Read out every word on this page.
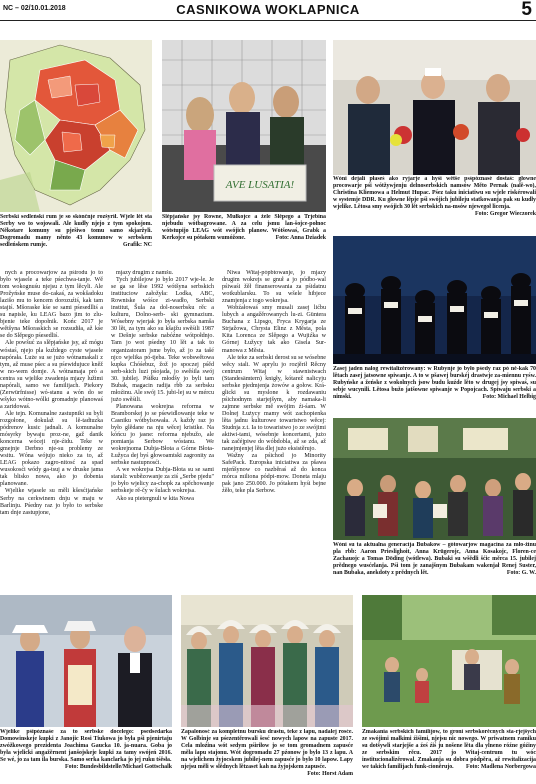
NC – 02/10.01.2018	CASNIKOWA WOKLAPNICA	5
Serbski sedleński rum je so skónčnje rozšyrił. Wjele lět sta Serby wo to wojowali. Ale kudły njejo z tym spokojom. Někotare komuny su pješiwo tomu samo skjaržyli. Dogromadu mamy něnto 43 komunow w serbskem sedleńskem rumje.	Grafik: NC
AVE LUSATIA!
Slěpjańske jsy Rowne, Mułkojce a žeĺe Slěpego a Trjebina njebudu wótbagrowane. A za celu jsmu lan-šojce-połnoc wótstupijo LEAG wót swójich planow. Wótšowaś, Grabk a Kerkojce su pótakem wumóžone.	Foto: Anna Dziadek
Wóni dejali płaseś ako ryjarje a hyśi wětše psśpóznasé dostaś: głowne procowarje pśi wótžywjenju delnoserbskich namsów Mětо Pernak (nalě-wo), Christina Kliemowa a Helmut Hupac. Pśez taku iniciatiwu su wjele riskérowali w systemje DDR. Ku głowne lěpje pśi swójich jubileju statkowanja pak su kudły wjelike. Lětosa smy swójich 30 lět serbskich na-msów njewegoł licenja.
Foto: Gregor Wieczorek
Zasej jaden nalog rewitalizěrowany: w Rubynje jo było pśedy raz pó ně-kak 70 lětach zasej jatsowne spiwanje. A to w pšawej burskéj drastwje za-miennu ryśw. Rubyńske a žeńske z wokolnych jsow budu kuźde lěto w drugej jsy spiwaś, su sebje wucynili. Lětosa bužo jatšowne spiwanje w Popojcach. Spiwaju serbski a nimski.	Foto: Michael Helbig
Wóni su ta aktualna generacija Bubakow – gótowarjow magacina za mło-žinu pla rbb: Aaron Prieslighoit, Anna Krügerojc, Anna Kosakojc, Floren-cе Zachauojc a Tomas Döding (wótlewa). Bubaki su wšědli šćic měrca 15. jubilej prědnego wusćelanja. Pśi tom je zanajšnym Bubakam wakenjał Renej Suster, nan Bubaka, anekdoty z prědnych lět.	Foto: G. W.

nych a procowarjow za pśirodu jo to było wjasele a teke pśechwa-tanje. Wě tom wokognuśu njejsu z tym lěcyli. Ale Prožyńske muse do-cakaś, za wokšadoku lazišo mu to kencem dorozuźiś, kak tam stajiś. Mšoraske kśe se sami pśesedlliś a su napisle, ku LEAG bazo jim to zlu-bjenie teke dopołnik. Końc 2017 je wětšyna Mšoraskich se rozsudiła, až kśe se do Slěpego pśesedliś.

Ale powšuć za slěpjańske jsy, až mógu wóstaś, njejo pla kuždego cyste wjasele napórała. Luże su se jużo wótnamakali z tym, až muse pśec a su pśewidujuce kněž w no-wem domje. A wótnamaja pró a centra su wjelike zwadenja mjazy lužimi napórali, samo we familijach. Piekory (Zerwürfnisse) wó-stanu a wón do se wšyko wótno-wólki gromadnje planowaś a zaridowaś.

Ale tejn. Komunalne zastupniki su byli rozgołone, dokulaž su lě-tadtuzka pódrenov kusic jadnali. A komunalne mósyrky bywaju proz-ne, gaž danik koncerna wóceji nje-źidu. Teke w gmejnje Derbno nje-su problemy ze wsitu. Wóna wójujo nieko za to, až LEAG pokazo zagro-nitosć za spad wusokosći wódy ga-tsuj a w druske jama tak blisko nowa, ako jo dobenia planowane.

Wjelike wjasele su měli kšesćijańske Serby na cerkwinem dnju w maju w Barlinju. Pśedny raz jo było to serbske tam dnje zastupjone,

mjazy drugim z namšu.

Tych jubilejow jo bylo 2017 wje-le. Je se ga se lěse 1992 wótšyna serbskich instituciow załožyła: Lodka, ABC, Rowniske wóśce zi-wadło, Serbski institut, Šula za dol-noserbsku rěc a kulturu, Dolno-serb- ski gymnazium. Wósebny wjerjak jo była serbska namša 30 lět, za tym ako su kšajžu swěśili 1987 w Dešnje serbske nabóźne wótpołdnjo. Tam jo wot pśedny 10 lět a tak to organizatoram jsme było, až jo za tašé njco wjelika pó-tjeba. Teke wobswětowa kupka Chóśebuz, žož jo spoczej pśěd serb-skich luzi pśojada, jo swěśila swój 30. jubilej. Pśtłku młodšy jo byli tam Bubak, magacin radija rbb za serbsku młoźinu. Ale swój 15. jubi-lej su w mércu jużo swěśili.

Planowana wokrejna reforma w Bramborskej jo se pśewidlowanje teke w Casniku wótbylsowała. A každy raz jo było glědane na nju wěcej kristike. Na kóńcu jo jasne: reforma njebužo, ale pomianja Serbow wóstanu. We wokrejnoma Dubja-Błota a Górne Błota-Łužyca dej byś głowoamtski zagronity za serbske nastupnosći.

A we wokrejsa Dubja-Błota su se sami starali: wubězowanje za ziś „Serbe pjedu" jo było wjelicy za-chopk za spěchowanje serbskeje rě-čy w šulach wokrejsa.

Ako su pietergnuli w kita Nowa

Niwa Witaj-pópbtowanje, jo mjazy drugim wokrejs se gnuł a jo pódbo-wal pśiwaśi žěł finanserowania za pśidatnu wotkublarsku. To su wšele hibjece znamjenja z togo wokrejsa.

Wobźałowaś smy musali zasej lićbu lubych a angažěrowanych lu-zi. Günterа Buchana z Lipsgo, Fryca Krygarja ze Strjažowa, Chrysta Elinz z Města, pola Kita Lorenca ze Slěpego a Wujiźka w Górnej Łužycy tak ako Gisela Sur-manowa z Města.

Ale teke za serbski derost su se wósebne wěcy stali. W aprylu jo rozjěrił Rěcny centrum Witaj w stawnistwach (Standesämtern) knigły, kótarež nalicyju serbske pjedmjenja żowów a gołow. Krá-glicki su myslone k rozdawaniu pśichodnym starjejšym, aby namaka-li zajmne serbske mě swójim źi-śam. W Dolnej Łużycy mamy wót zachopienka lěta jadnu kulturowe towaristwo wěcej: Studnja z.t. Ia to towaristwo jo ze swójimi aktiwi-tami, wósebnje koncertami, jużo tak začéjpiwe do wóbdobla, až se zda, až nanejmjenjej lěta dlej jużo eksistěrujo.

Wažny za pśichod jo Minority SafePack. Europska iniciatiwa za pšawa mjeńšynow co nazběraś až do konca mórca miliona pódpi-mow. Doneta mlaju pak jano 250.000. Jo pótakem hyśi bejne źěło, teke pla Serbow.

Wjelike pśipóznaśe za to serbske docelego: psedsedarka Domowinskeje kupki z Janojic Rosi Tiukowa jo była pśi pjenirtaju zwóžkowego prezidenta Joachima Gauckа 10. ja-nuara. Goba jo była wjelicki angažěrnent janšojskeje kupki za tamy swójeń 2016. Se wé, jo za tam ila burska. Samo serka kanclarka jo jej ruku tśěsła.
Foto: Bundesbildstelle/Michael Gottschalk
Zapalonosć za kompletnu bursku drastu, teke z lapu, nadalej rosće. W Golbinje su pśezentěrowali šesć nowych lapow na zapuste 2017. Cela mloźina wót sedym pśiriłow jo se tom gromadnem zapusće měla lapu stajonu. Wót dogromadu 27 pźonow jo bylo 13 z lapu. A na wjelichem žyjocskem jubilej-nem zapusće jo bylo 10 lapow. Lapy njejsu měli w slědnych lětzaset kah na žyjojskem zapusće.
Foto: Horst Adam
Zmakania serbskich familijow, to groni serbskorěcnych sta-rjejšych ze swójimi małkimi źiśimi, njejsu nic nowego. W priwatnem ramiku su dotšywli starjejše a źeś źiś ju nošene lěta dla ylneno róźne góźiny ze serbskim rěcu. 2017 jo Witaj-centrum tu wóc institucionalizěrowal. Zmakanja su dobra pódpěra, až rewitalizacija we takich familijach funk-cioněrujo. Foto: Madlena Norbergowa
